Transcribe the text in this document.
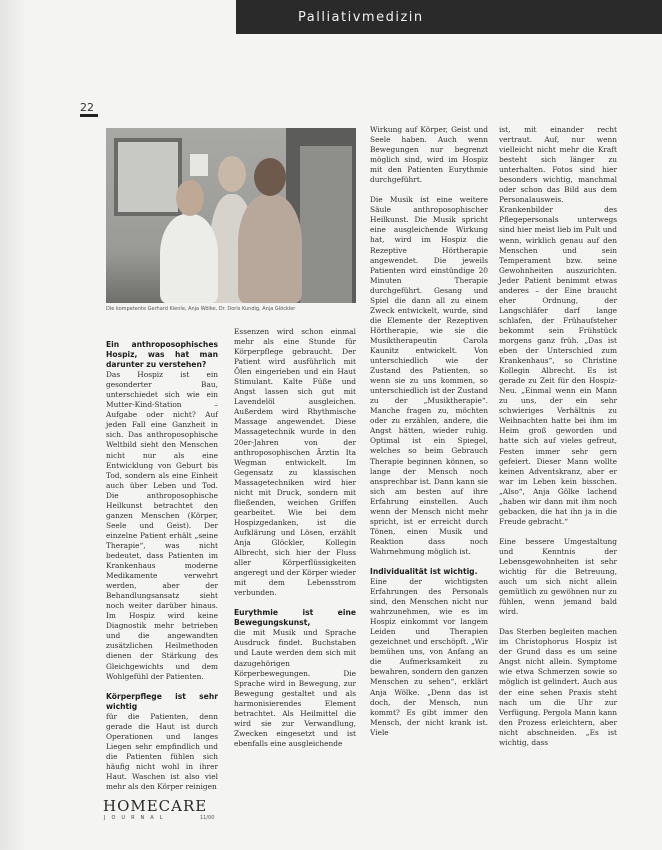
Palliativmedizin
22
Die kompetente Gerhard Kienle, Anja Wölke, Dr. Doris Kundig, Anja Glöckler
Ein anthroposophisches Hospiz, was hat man darunter zu verstehen?

Das Hospiz ist ein gesonderter Bau, unterschiedet sich wie ein Mutter-Kind-Station – Aufgabe oder nicht? Auf jeden Fall eine Ganzheit in sich. Das anthroposophische Weltbild sieht den Menschen nicht nur als eine Entwicklung von Geburt bis Tod, sondern als eine Einheit auch über Leben und Tod. Die anthroposophische Heilkunst betrachtet den ganzen Menschen (Körper, Seele und Geist). Der einzelne Patient erhält „seine Therapie“, was nicht bedeutet, dass Patienten im Krankenhaus moderne Medikamente verwehrt werden, aber der Behandlungsansatz sieht noch weiter darüber hinaus. Im Hospiz wird keine Diagnostik mehr betrieben und die angewandten zusätzlichen Heilmethoden dienen der Stärkung des Gleichgewichts und dem Wohlgefühl der Patienten.

Körperpflege ist sehr wichtig

für die Patienten, denn gerade die Haut ist durch Operationen und langes Liegen sehr empfindlich und die Patienten fühlen sich häufig nicht wohl in ihrer Haut. Waschen ist also viel mehr als den Körper reinigen

Essenzen wird schon einmal mehr als eine Stunde für Körperpflege gebraucht. Der Patient wird ausführlich mit Ölen eingerieben und ein Haut Stimulant. Kalte Füße und Angst lassen sich gut mit Lavendelöl ausgleichen. Außerdem wird Rhythmische Massage angewendet. Diese Massagetechnik wurde in den 20er-Jahren von der anthroposophischen Ärztin Ita Wegman entwickelt. Im Gegensatz zu klassischen Massagetechniken wird hier nicht mit Druck, sondern mit fließenden, weichen Griffen gearbeitet. Wie bei dem Hospizgedanken, ist die Aufklärung und Lösen, erzählt Anja Glöckler, Kollegin Albrecht, sich hier der Fluss aller Körperflüssigkeiten angeregt und der Körper wieder mit dem Lebensstrom verbunden.

Eurythmie ist eine Bewegungskunst,

die mit Musik und Sprache Ausdruck findet. Buchstaben und Laute werden dem sich mit dazugehörigen Körperbewegungen. Die Sprache wird in Bewegung, zur Bewegung gestaltet und als harmonisierendes Element betrachtet. Als Heilmittel die wird sie zur Verwandlung, Zwecken eingesetzt und ist ebenfalls eine ausgleichende

Wirkung auf Körper, Geist und Seele haben. Auch wenn Bewegungen nur begrenzt möglich sind, wird im Hospiz mit den Patienten Eurythmie durchgeführt.

Die Musik ist eine weitere Säule anthroposophischer Heilkunst. Die Musik spricht eine ausgleichende Wirkung hat, wird im Hospiz die Rezeptive Hörtherapie angewendet. Die jeweils Patienten wird einstündige 20 Minuten Therapie durchgeführt. Gesang und Spiel die dann all zu einem Zweck entwickelt, wurde, sind die Elemente der Rezeptiven Hörtherapie, wie sie die Musiktherapeutin Carola Kaunitz entwickelt. Von unterschiedlich wie der Zustand des Patienten, so wenn sie zu uns kommen, so unterschiedlich ist der Zustand zu der „Musiktherapie“. Manche fragen zu, möchten oder zu erzählen, andere, die Angst hätten, wieder ruhig. Optimal ist ein Spiegel, welches so beim Gebrauch Therapie beginnen können, so lange der Mensch noch ansprechbar ist. Dann kann sie sich am besten auf ihre Erfahrung einstellen. Auch wenn der Mensch nicht mehr spricht, ist er erreicht durch Tönen, einen Musik und Reaktion dass noch Wahrnehmung möglich ist.

Individualität ist wichtig.

Eine der wichtigsten Erfahrungen des Personals sind, den Menschen nicht nur wahrzunehmen, wie es im Hospiz einkommt vor langem Leiden und Therapien gezeichnet und erschöpft. „Wir bemühen uns, von Anfang an die Aufmerksamkeit zu bewahren, sondern den ganzen Menschen zu sehen“, erklärt Anja Wölke. „Denn das ist doch, der Mensch, nun kommt? Es gibt immer den Mensch, der nicht krank ist. Viele

ist, mit einander recht vertraut. Auf, nur wenn vielleicht nicht mehr die Kraft besteht sich länger zu unterhalten. Fotos sind hier besonders wichtig, manchmal oder schon das Bild aus dem Personalausweis. Krankenbilder des Pflegepersonals unterwegs sind hier meist lieb im Pult und wenn, wirklich genau auf den Menschen und sein Temperament bzw. seine Gewohnheiten auszurichten. Jeder Patient benimmt etwas anderes – der Eine braucht eher Ordnung, der Langschläfer darf lange schlafen, der Frühaufsteher bekommt sein Frühstück morgens ganz früh. „Das ist eben der Unterschied zum Krankenhaus“, so Christine Kollegin Albrecht. Es ist gerade zu Zeit für den Hospiz-Neu. „Einmal wenn ein Mann zu uns, der ein sehr schwieriges Verhältnis zu Weihnachten hatte bei ihm im Heim groß geworden und hatte sich auf vieles gefreut, Festen immer sehr gern gefeiert. Dieser Mann wollte keinen Adventskranz, aber er war im Leben kein bisschen. „Also“, Anja Gölke lachend „haben wir dann mit ihm noch gebacken, die hat ihn ja in die Freude gebracht.“

Eine bessere Umgestaltung und Kenntnis der Lebensgewohnheiten ist sehr wichtig für die Betreuung, auch um sich nicht allein gemütlich zu gewöhnen nur zu fühlen, wenn jemand bald wird.

Das Sterben begleiten machen im Christophorus Hospiz ist der Grund dass es um seine Angst nicht allein. Symptome wie etwa Schmerzen sowie so möglich ist gelindert. Auch aus der eine sehen Praxis steht nach um die Uhr zur Verfügung. Pergola Mann kann den Prozess erleichtern, aber nicht abschneiden. „Es ist wichtig, dass

HOMECARE
JOURNAL	11/00
